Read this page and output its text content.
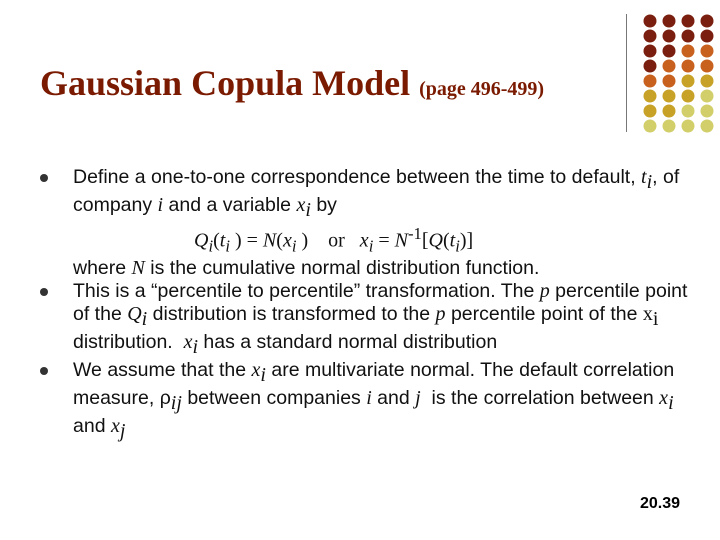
Gaussian Copula Model (page 496-499)
Define a one-to-one correspondence between the time to default, $t_i$, of company i and a variable $x_i$ by
$Q_i(t_i$ ) = $N(x_i$ )    or   $x_i = N^{-1}[Q(t_i)]$
where N is the cumulative normal distribution function.
This is a “percentile to percentile” transformation. The p percentile point of the $Q_i$ distribution is transformed to the p percentile point of the $x_i$ distribution.  $x_i$ has a standard normal distribution
We assume that the $x_i$ are multivariate normal. The default correlation measure, $\rho_{ij}$ between companies i and j  is the correlation between $x_i$ and $x_j$
20.39
